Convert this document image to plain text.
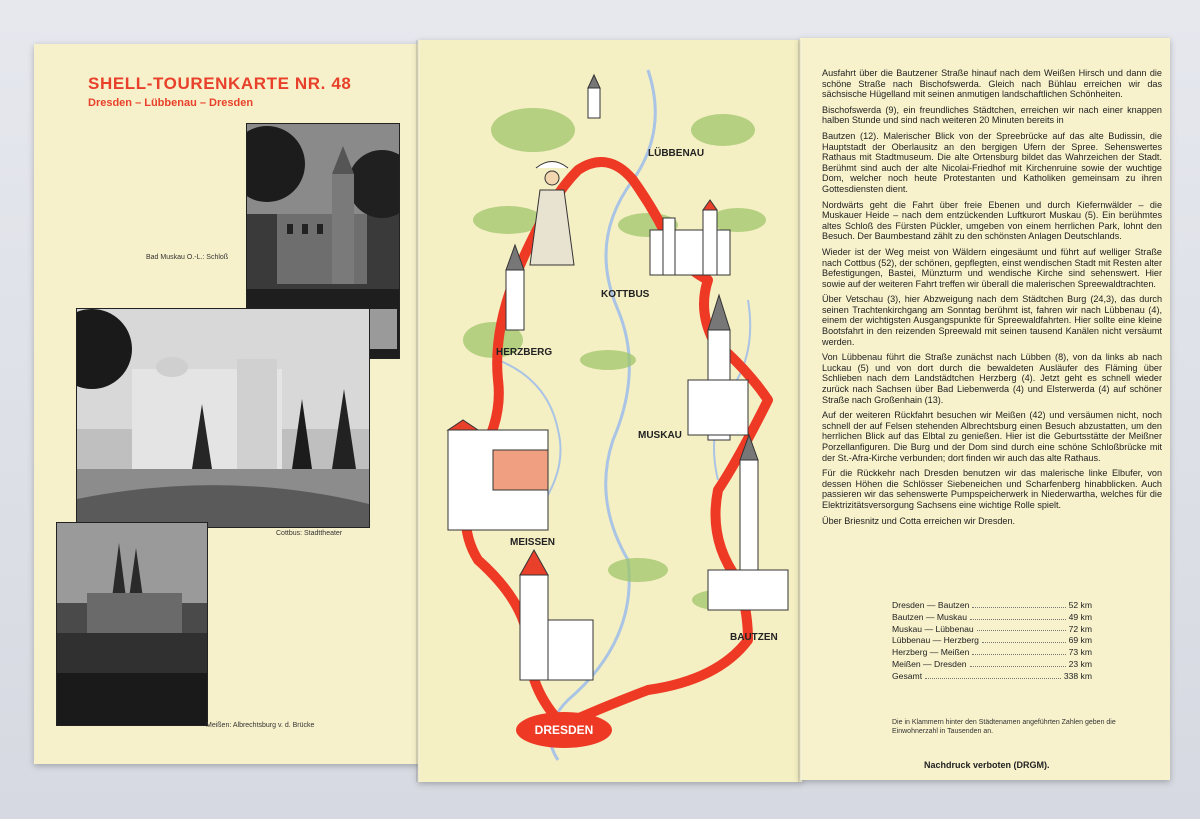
SHELL-TOURENKARTE NR. 48
Dresden – Lübbenau – Dresden
Bad Muskau O.-L.: Schloß
Cottbus: Stadttheater
Meißen: Albrechtsburg v. d. Brücke	DRESDEN
LÜBBENAU
KOTTBUS
HERZBERG
MUSKAU
MEISSEN
BAUTZEN

Ausfahrt über die Bautzener Straße hinauf nach dem Weißen Hirsch und dann die schöne Straße nach Bischofswerda. Gleich nach Bühlau erreichen wir das sächsische Hügelland mit seinen anmutigen landschaftlichen Schönheiten.

Bischofswerda (9), ein freundliches Städtchen, erreichen wir nach einer knappen halben Stunde und sind nach weiteren 20 Minuten bereits in

Bautzen (12). Malerischer Blick von der Spreebrücke auf das alte Budissin, die Hauptstadt der Oberlausitz an den bergigen Ufern der Spree. Sehenswertes Rathaus mit Stadtmuseum. Die alte Ortensburg bildet das Wahrzeichen der Stadt. Berühmt sind auch der alte Nicolai-Friedhof mit Kirchenruine sowie der wuchtige Dom, welcher noch heute Protestanten und Katholiken gemeinsam zu ihren Gottesdiensten dient.

Nordwärts geht die Fahrt über freie Ebenen und durch Kiefernwälder – die Muskauer Heide – nach dem entzückenden Luftkurort Muskau (5). Ein berühmtes altes Schloß des Fürsten Pückler, umgeben von einem herrlichen Park, lohnt den Besuch. Der Baumbestand zählt zu den schönsten Anlagen Deutschlands.

Wieder ist der Weg meist von Wäldern eingesäumt und führt auf welliger Straße nach Cottbus (52), der schönen, gepflegten, einst wendischen Stadt mit Resten alter Befestigungen, Bastei, Münzturm und wendische Kirche sind sehenswert. Hier sowie auf der weiteren Fahrt treffen wir überall die malerischen Spreewaldtrachten.

Über Vetschau (3), hier Abzweigung nach dem Städtchen Burg (24,3), das durch seinen Trachtenkirchgang am Sonntag berühmt ist, fahren wir nach Lübbenau (4), einem der wichtigsten Ausgangspunkte für Spreewaldfahrten. Hier sollte eine kleine Bootsfahrt in den reizenden Spreewald mit seinen tausend Kanälen nicht versäumt werden.

Von Lübbenau führt die Straße zunächst nach Lübben (8), von da links ab nach Luckau (5) und von dort durch die bewaldeten Ausläufer des Fläming über Schlieben nach dem Landstädtchen Herzberg (4). Jetzt geht es schnell wieder zurück nach Sachsen über Bad Liebenwerda (4) und Elsterwerda (4) auf schöner Straße nach Großenhain (13).

Auf der weiteren Rückfahrt besuchen wir Meißen (42) und versäumen nicht, noch schnell der auf Felsen stehenden Albrechtsburg einen Besuch abzustatten, um den herrlichen Blick auf das Elbtal zu genießen. Hier ist die Geburtsstätte der Meißner Porzellanfiguren. Die Burg und der Dom sind durch eine schöne Schloßbrücke mit der St.-Afra-Kirche verbunden; dort finden wir auch das alte Rathaus.

Für die Rückkehr nach Dresden benutzen wir das malerische linke Elbufer, von dessen Höhen die Schlösser Siebeneichen und Scharfenberg hinabblicken. Auch passieren wir das sehenswerte Pumpspeicherwerk in Niederwartha, welches für die Elektrizitätsversorgung Sachsens eine wichtige Rolle spielt.

Über Briesnitz und Cotta erreichen wir Dresden.

Dresden — Bautzen	52 km
Bautzen — Muskau	49 km
Muskau — Lübbenau	72 km
Lübbenau — Herzberg	69 km
Herzberg — Meißen	73 km
Meißen — Dresden	23 km
Gesamt	338 km
Die in Klammern hinter den Städtenamen angeführten Zahlen geben die Einwohnerzahl in Tausenden an.
Nachdruck verboten (DRGM).
